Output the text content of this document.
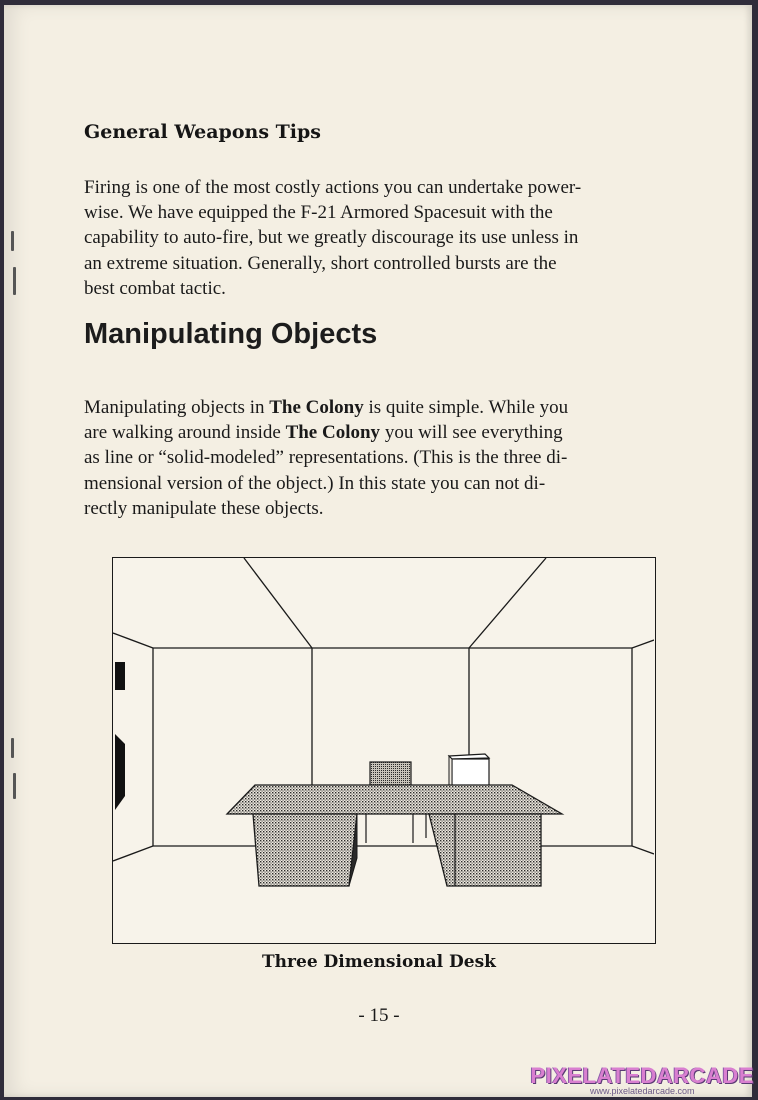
General Weapons Tips
Firing is one of the most costly actions you can undertake power-
wise. We have equipped the F-21 Armored Spacesuit with the
capability to auto-fire, but we greatly discourage its use unless in
an extreme situation. Generally, short controlled bursts are the
best combat tactic.
Manipulating Objects
Manipulating objects in The Colony is quite simple. While you
are walking around inside The Colony you will see everything
as line or “solid-modeled” representations. (This is the three di-
mensional version of the object.) In this state you can not di-
rectly manipulate these objects.
Three Dimensional Desk
- 15 -
PIXELATEDARCADE
www.pixelatedarcade.com
